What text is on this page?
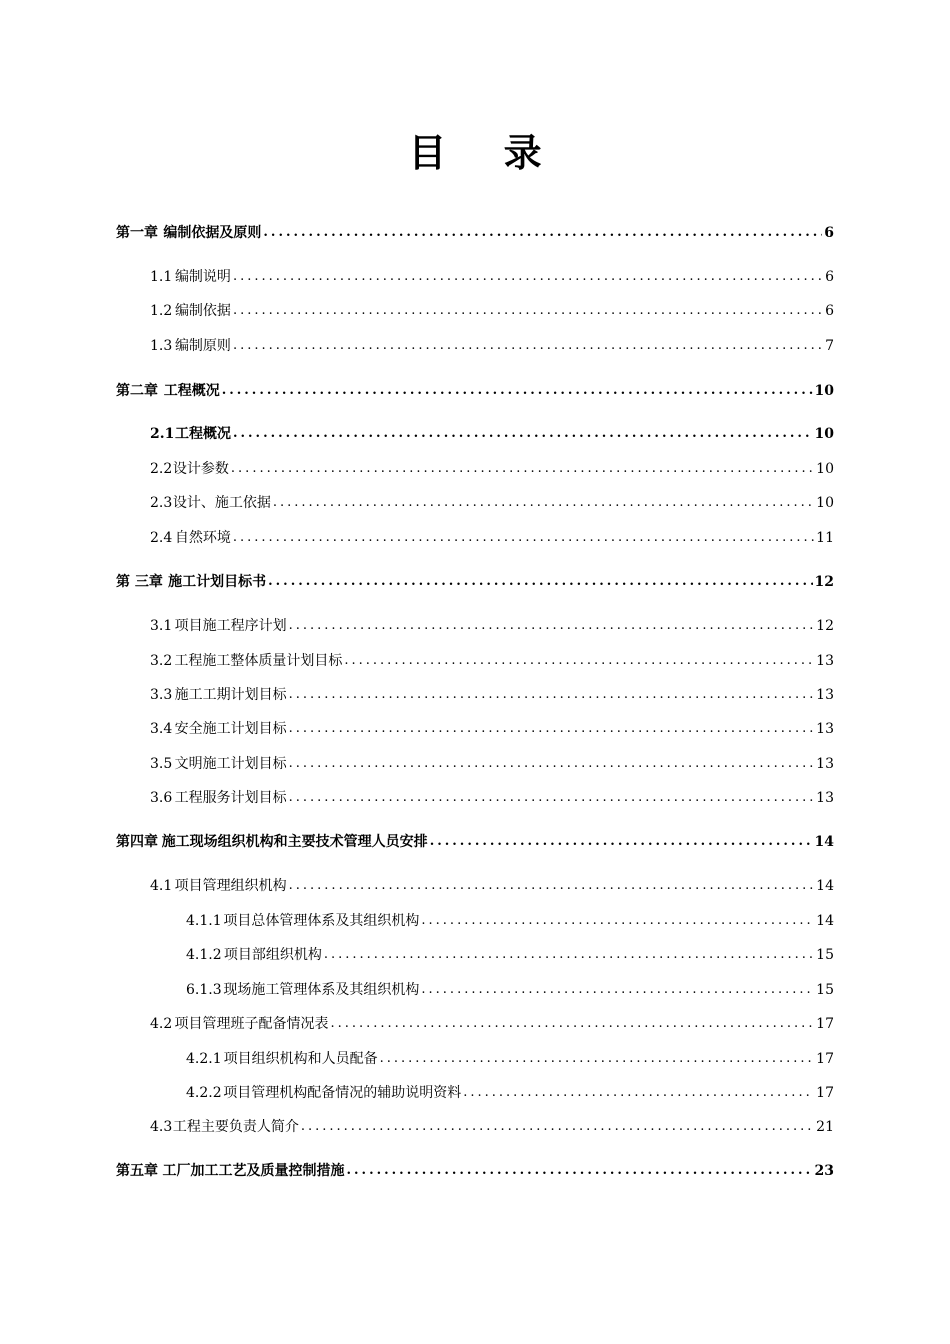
目 录
第一章 编制依据及原则 .....	6
1.1 编制说明 .....	6
1.2 编制依据 .....	6
1.3 编制原则 .....	7
第二章 工程概况 .....	10
2.1 工程概况 .....	10
2.2 设计参数 .....	10
2.3 设计、施工依据 .....	10
2.4 自然环境 .....	11
第 三章 施工计划目标书 .....	12
3.1 项目施工程序计划 .....	12
3.2 工程施工整体质量计划目标 .....	13
3.3 施工工期计划目标 .....	13
3.4 安全施工计划目标 .....	13
3.5 文明施工计划目标 .....	13
3.6 工程服务计划目标 .....	13
第四章 施工现场组织机构和主要技术管理人员安排 .....	14
4.1 项目管理组织机构 .....	14
4.1.1 项目总体管理体系及其组织机构 .....	14
4.1.2 项目部组织机构 .....	15
6.1.3 现场施工管理体系及其组织机构 .....	15
4.2 项目管理班子配备情况表 .....	17
4.2.1 项目组织机构和人员配备 .....	17
4.2.2 项目管理机构配备情况的辅助说明资料 .....	17
4.3 工程主要负责人简介 .....	21
第五章 工厂加工工艺及质量控制措施 .....	23
